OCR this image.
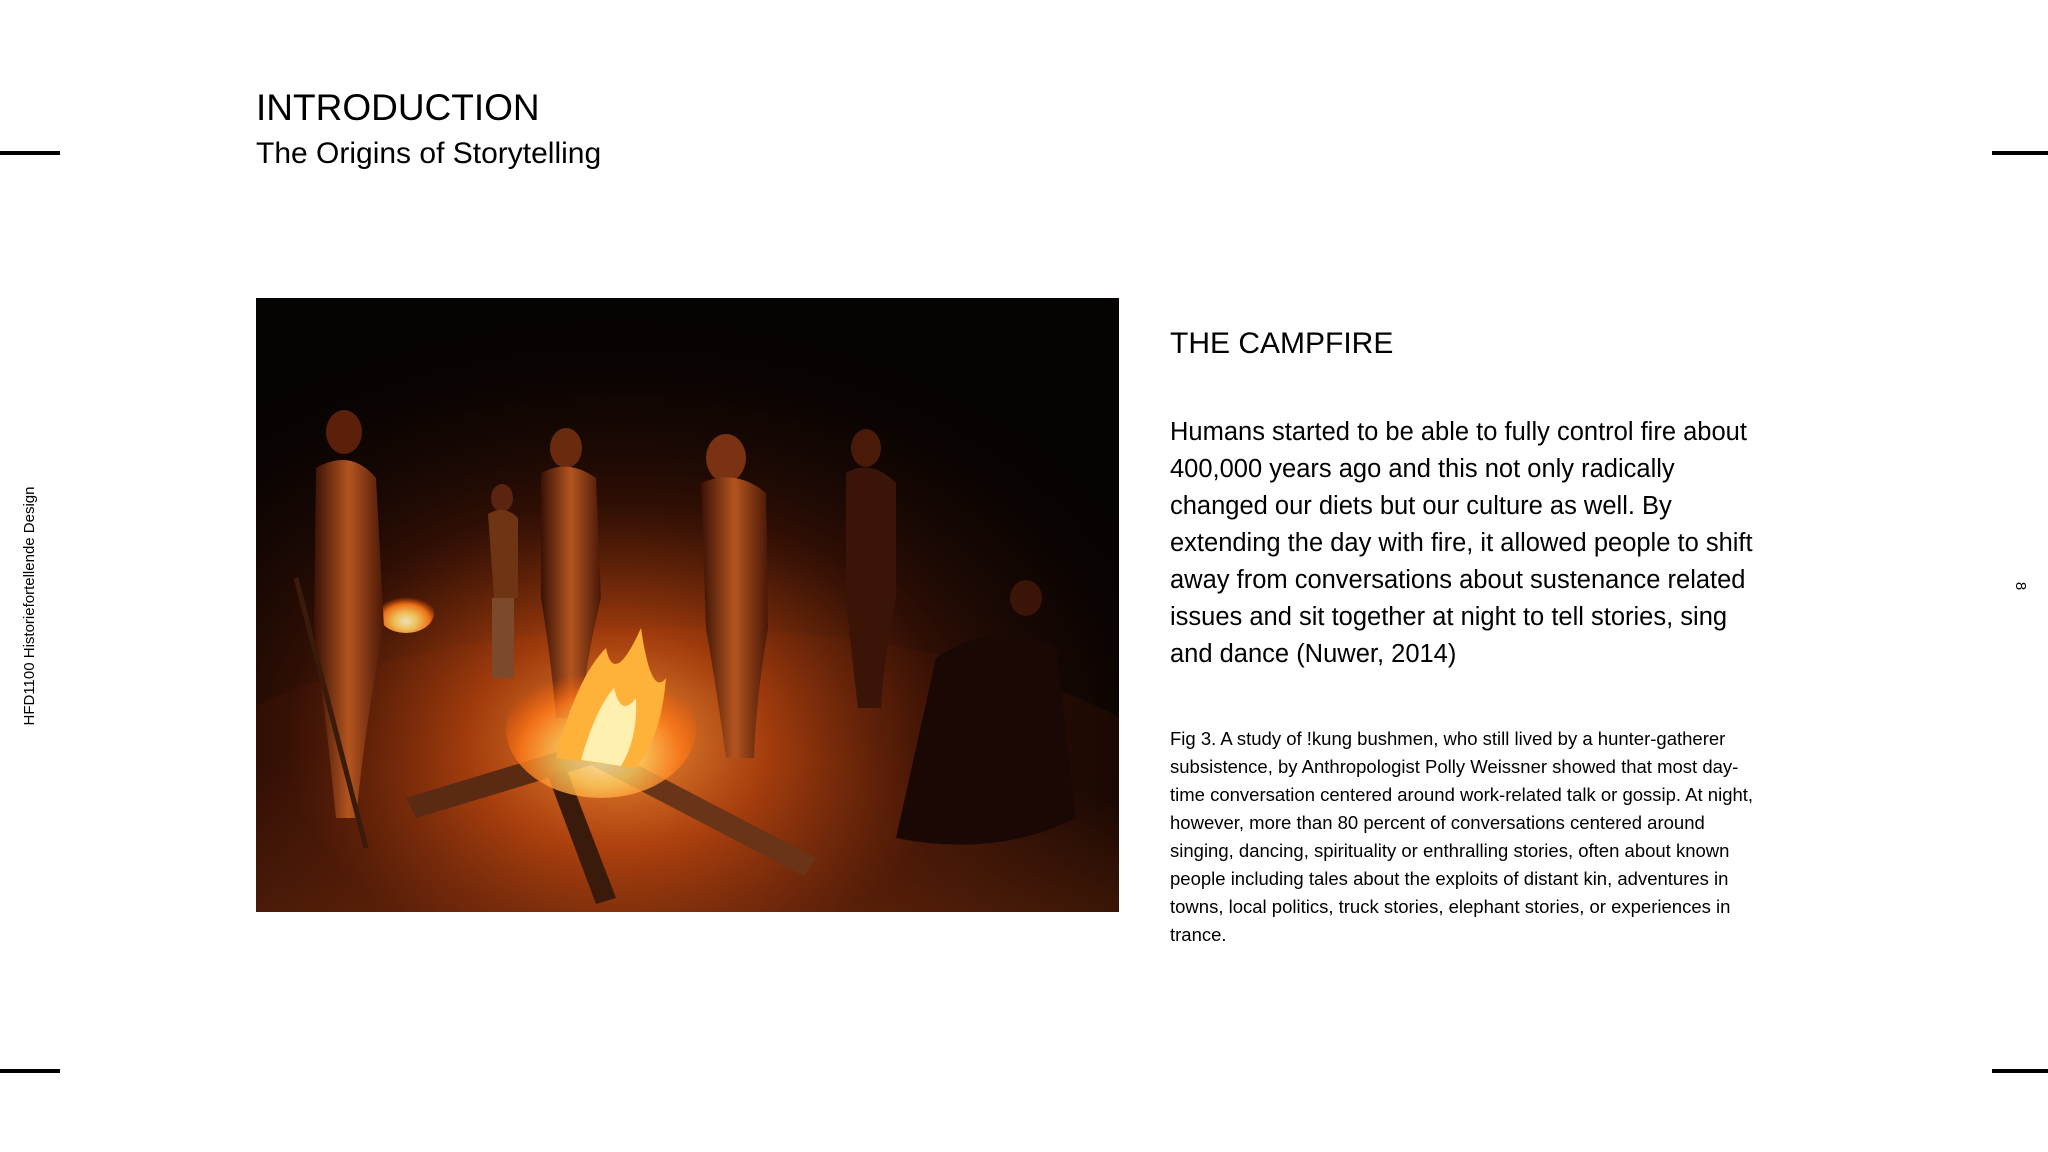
INTRODUCTION
The Origins of Storytelling
HFD1100 Historiefortellende Design	8
THE CAMPFIRE

Humans started to be able to fully control fire about 400,000 years ago and this not only radically changed our diets but our culture as well. By extending the day with fire, it allowed people to shift away from conversations about sustenance related issues and sit together at night to tell stories, sing and dance (Nuwer, 2014)

Fig 3. A study of !kung bushmen, who still lived by a hunter-gatherer subsistence, by Anthropologist Polly Weissner showed that most day-time conversation centered around work-related talk or gossip. At night, however, more than 80 percent of conversations centered around singing, dancing, spirituality or enthralling stories, often about known people including tales about the exploits of distant kin, adventures in towns, local politics, truck stories, elephant stories, or experiences in trance.
